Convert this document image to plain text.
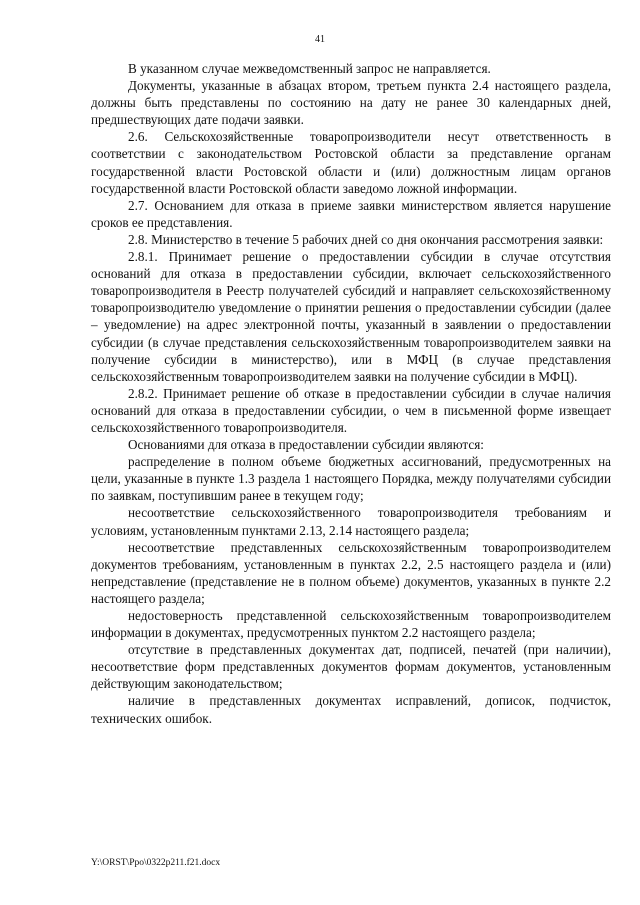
41

В указанном случае межведомственный запрос не направляется.

Документы, указанные в абзацах втором, третьем пункта 2.4 настоящего раздела, должны быть представлены по состоянию на дату не ранее 30 календарных дней, предшествующих дате подачи заявки.

2.6. Сельскохозяйственные товаропроизводители несут ответственность в соответствии с законодательством Ростовской области за представление органам государственной власти Ростовской области и (или) должностным лицам органов государственной власти Ростовской области заведомо ложной информации.

2.7. Основанием для отказа в приеме заявки министерством является нарушение сроков ее представления.

2.8. Министерство в течение 5 рабочих дней со дня окончания рассмотрения заявки:

2.8.1. Принимает решение о предоставлении субсидии в случае отсутствия оснований для отказа в предоставлении субсидии, включает сельскохозяйственного товаропроизводителя в Реестр получателей субсидий и направляет сельскохозяйственному товаропроизводителю уведомление о принятии решения о предоставлении субсидии (далее – уведомление) на адрес электронной почты, указанный в заявлении о предоставлении субсидии (в случае представления сельскохозяйственным товаропроизводителем заявки на получение субсидии в министерство), или в МФЦ (в случае представления сельскохозяйственным товаропроизводителем заявки на получение субсидии в МФЦ).

2.8.2. Принимает решение об отказе в предоставлении субсидии в случае наличия оснований для отказа в предоставлении субсидии, о чем в письменной форме извещает сельскохозяйственного товаропроизводителя.

Основаниями для отказа в предоставлении субсидии являются:

распределение в полном объеме бюджетных ассигнований, предусмотренных на цели, указанные в пункте 1.3 раздела 1 настоящего Порядка, между получателями субсидии по заявкам, поступившим ранее в текущем году;

несоответствие сельскохозяйственного товаропроизводителя требованиям и условиям, установленным пунктами 2.13, 2.14 настоящего раздела;

несоответствие представленных сельскохозяйственным товаропроизводителем документов требованиям, установленным в пунктах 2.2, 2.5 настоящего раздела и (или) непредставление (представление не в полном объеме) документов, указанных в пункте 2.2 настоящего раздела;

недостоверность представленной сельскохозяйственным товаропроизводителем информации в документах, предусмотренных пунктом 2.2 настоящего раздела;

отсутствие в представленных документах дат, подписей, печатей (при наличии), несоответствие форм представленных документов формам документов, установленным действующим законодательством;

наличие в представленных документах исправлений, дописок, подчисток, технических ошибок.

Y:\ORST\Ppo\0322p211.f21.docx
